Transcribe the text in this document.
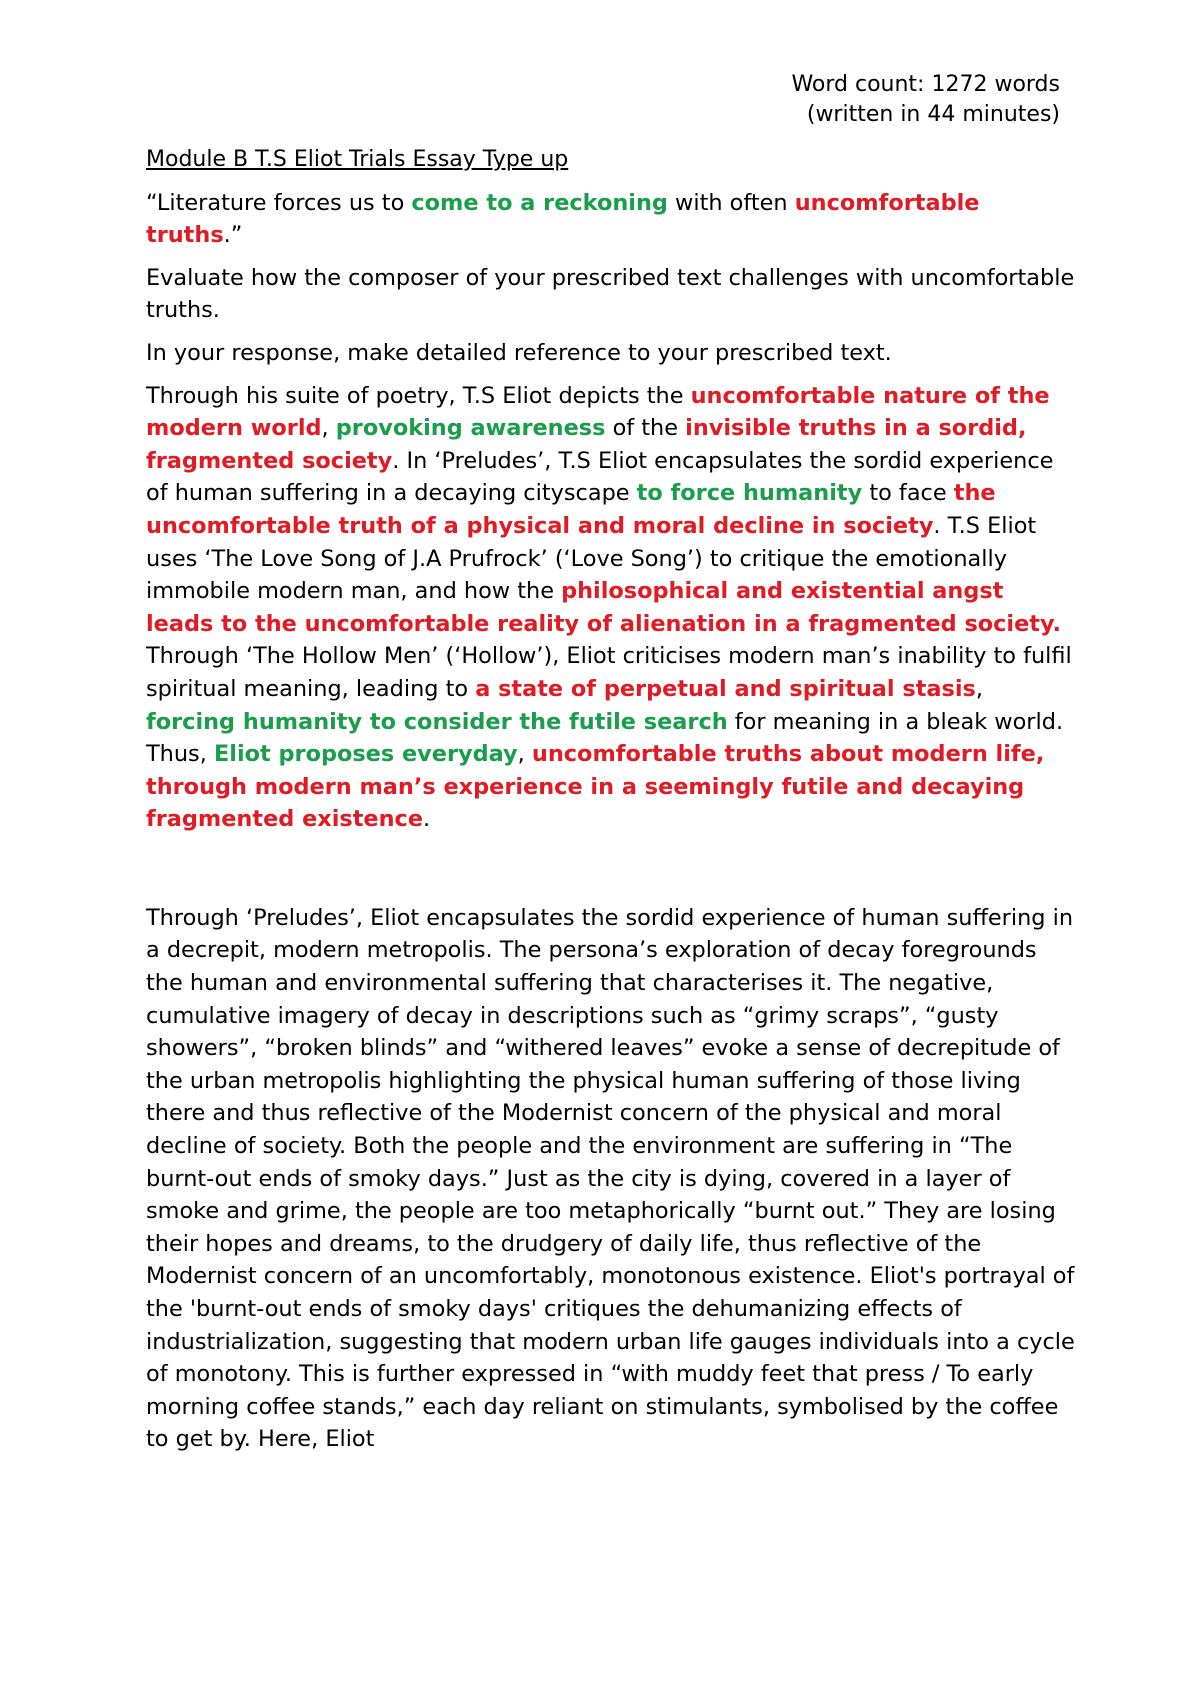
Word count: 1272 words
(written in 44 minutes)

Module B T.S Eliot Trials Essay Type up

“Literature forces us to come to a reckoning with often uncomfortable truths.”

Evaluate how the composer of your prescribed text challenges with uncomfortable truths.

In your response, make detailed reference to your prescribed text.

Through his suite of poetry, T.S Eliot depicts the uncomfortable nature of the modern world, provoking awareness of the invisible truths in a sordid, fragmented society. In ‘Preludes’, T.S Eliot encapsulates the sordid experience of human suffering in a decaying cityscape to force humanity to face the uncomfortable truth of a physical and moral decline in society. T.S Eliot uses ‘The Love Song of J.A Prufrock’ (‘Love Song’) to critique the emotionally immobile modern man, and how the philosophical and existential angst leads to the uncomfortable reality of alienation in a fragmented society. Through ‘The Hollow Men’ (‘Hollow’), Eliot criticises modern man’s inability to fulfil spiritual meaning, leading to a state of perpetual and spiritual stasis, forcing humanity to consider the futile search for meaning in a bleak world. Thus, Eliot proposes everyday, uncomfortable truths about modern life, through modern man’s experience in a seemingly futile and decaying fragmented existence.

Through ‘Preludes’, Eliot encapsulates the sordid experience of human suffering in a decrepit, modern metropolis. The persona’s exploration of decay foregrounds the human and environmental suffering that characterises it. The negative, cumulative imagery of decay in descriptions such as “grimy scraps”, “gusty showers”, “broken blinds” and “withered leaves” evoke a sense of decrepitude of the urban metropolis highlighting the physical human suffering of those living there and thus reflective of the Modernist concern of the physical and moral decline of society. Both the people and the environment are suffering in “The burnt-out ends of smoky days.” Just as the city is dying, covered in a layer of smoke and grime, the people are too metaphorically “burnt out.” They are losing their hopes and dreams, to the drudgery of daily life, thus reflective of the Modernist concern of an uncomfortably, monotonous existence. Eliot's portrayal of the 'burnt-out ends of smoky days' critiques the dehumanizing effects of industrialization, suggesting that modern urban life gauges individuals into a cycle of monotony. This is further expressed in “with muddy feet that press / To early morning coffee stands,” each day reliant on stimulants, symbolised by the coffee to get by. Here, Eliot
